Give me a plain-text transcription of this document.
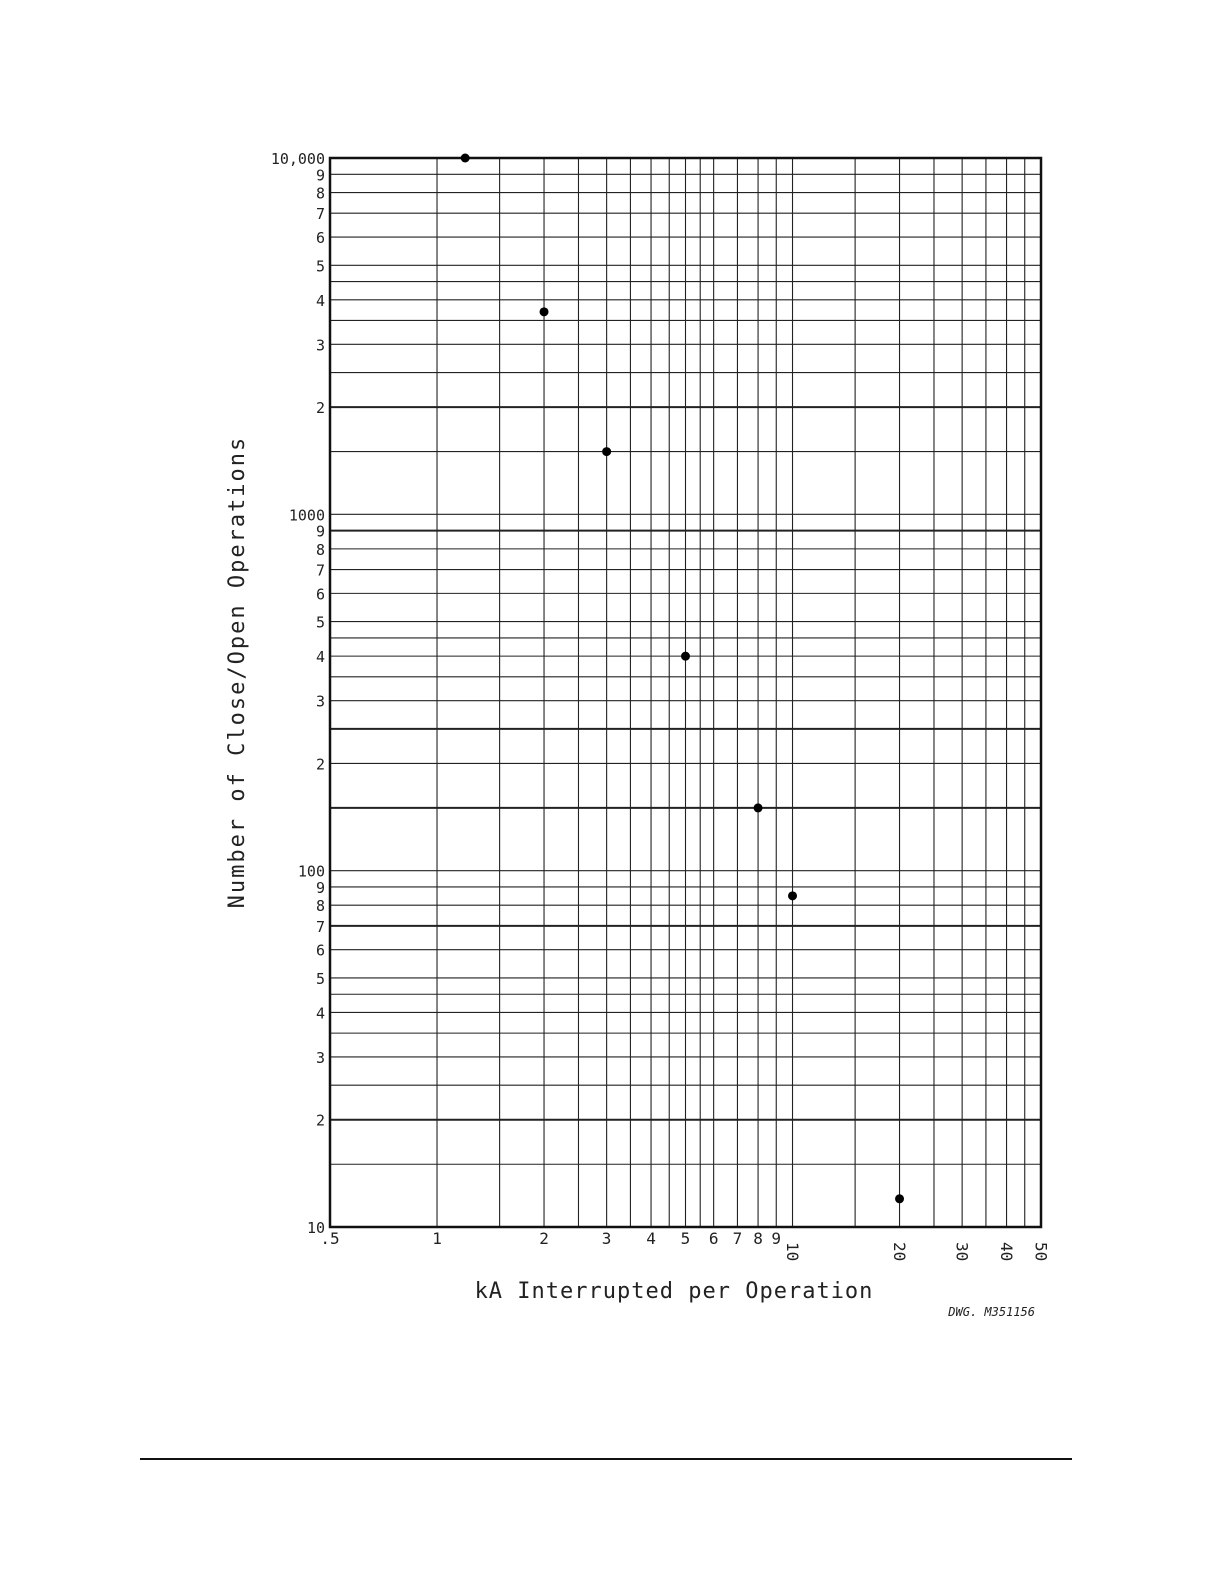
.5	1	2	3 4 5 6 7 8 9
10	20	30 40 50
10
2
3
4
5
6
7
8
9
100
2
3
4
5
6
7
8
9
1000
2
3
4
5
6
7
8
9
10,000
kA Interrupted per Operation
Number of Close/Open Operations
DWG. M351156
